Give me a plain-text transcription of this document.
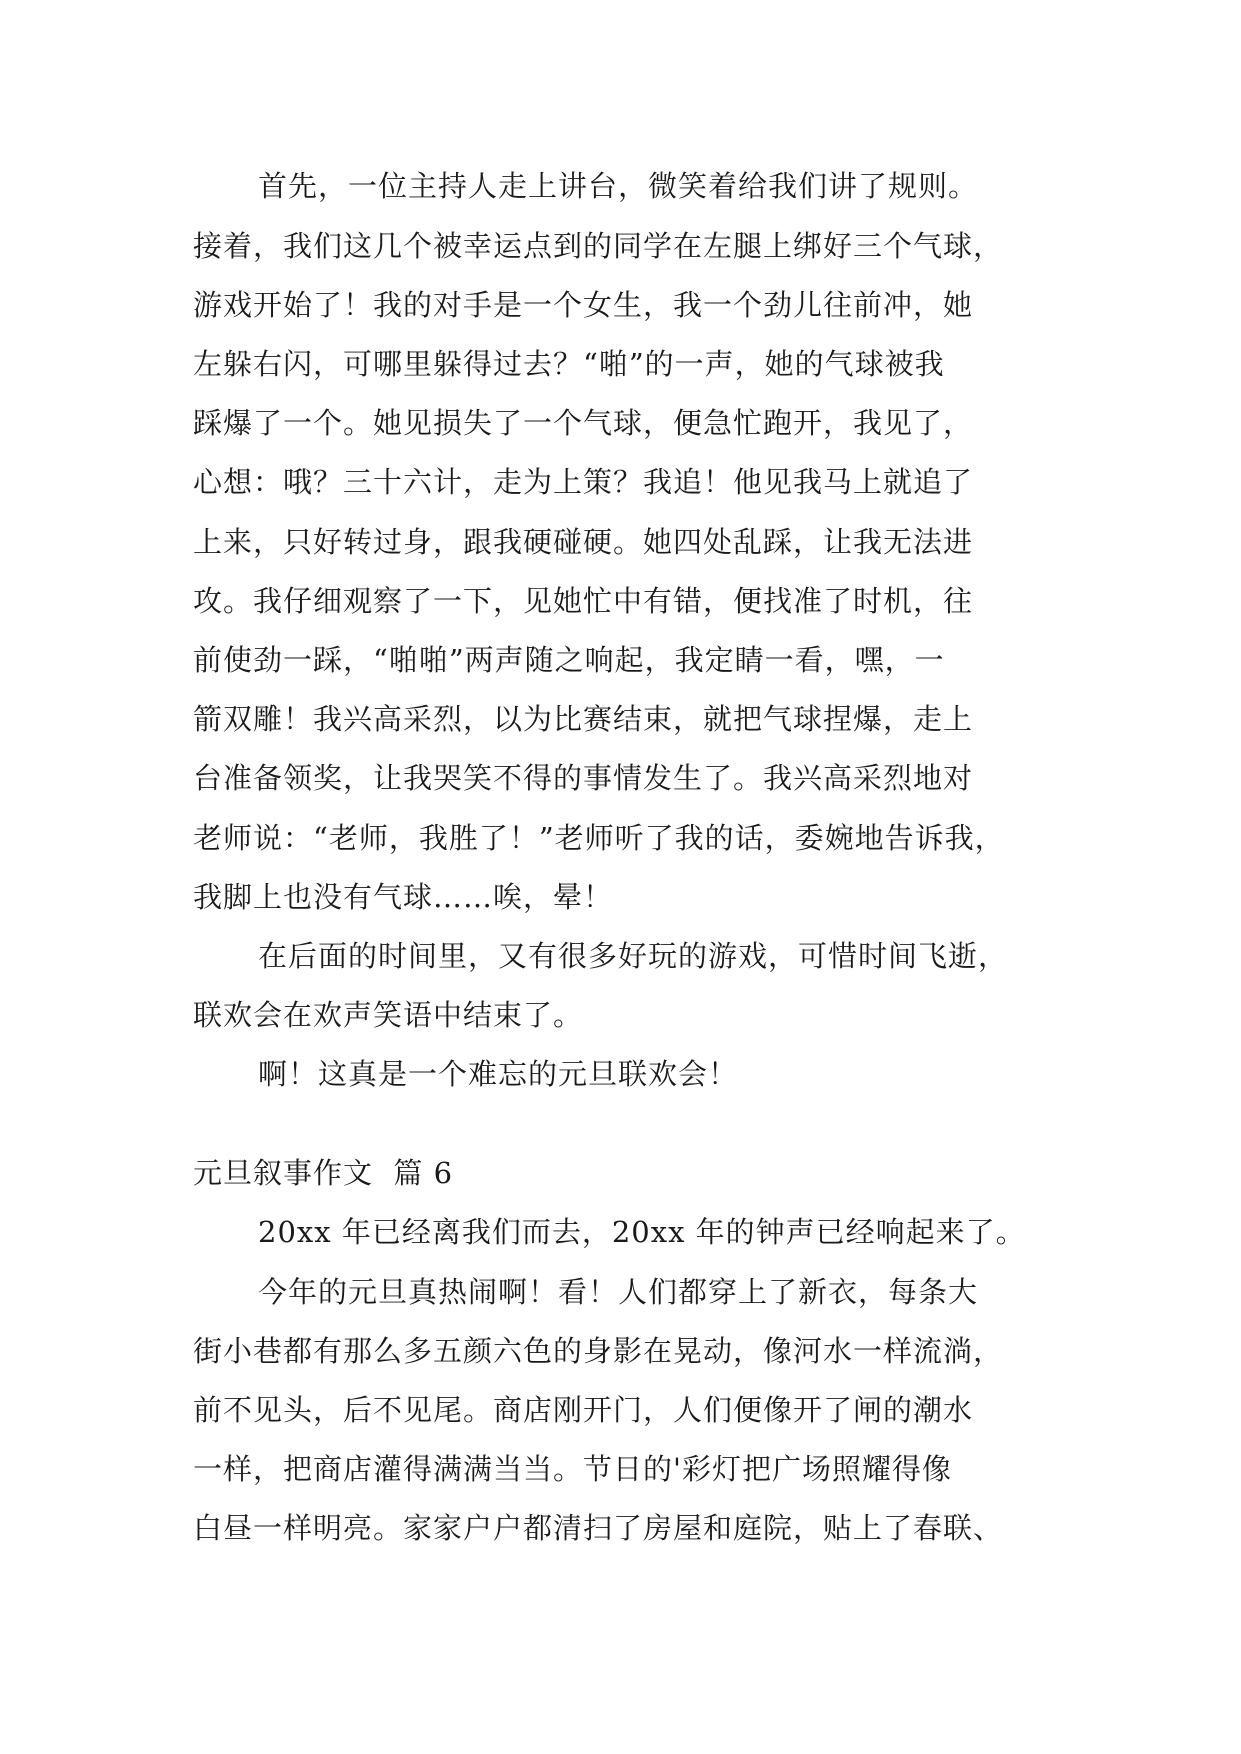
首先，一位主持人走上讲台，微笑着给我们讲了规则。
接着，我们这几个被幸运点到的同学在左腿上绑好三个气球，
游戏开始了！我的对手是一个女生，我一个劲儿往前冲，她
左躲右闪，可哪里躲得过去？“啪”的一声，她的气球被我
踩爆了一个。她见损失了一个气球，便急忙跑开，我见了，
心想：哦？三十六计，走为上策？我追！他见我马上就追了
上来，只好转过身，跟我硬碰硬。她四处乱踩，让我无法进
攻。我仔细观察了一下，见她忙中有错，便找准了时机，往
前使劲一踩，“啪啪”两声随之响起，我定睛一看，嘿，一
箭双雕！我兴高采烈，以为比赛结束，就把气球捏爆，走上
台准备领奖，让我哭笑不得的事情发生了。我兴高采烈地对
老师说：“老师，我胜了！”老师听了我的话，委婉地告诉我，
我脚上也没有气球……唉，晕！
在后面的时间里，又有很多好玩的游戏，可惜时间飞逝，
联欢会在欢声笑语中结束了。
啊！这真是一个难忘的元旦联欢会！
元旦叙事作文  篇 6
20xx 年已经离我们而去，20xx 年的钟声已经响起来了。
今年的元旦真热闹啊！看！人们都穿上了新衣，每条大
街小巷都有那么多五颜六色的身影在晃动，像河水一样流淌，
前不见头，后不见尾。商店刚开门，人们便像开了闸的潮水
一样，把商店灌得满满当当。节日的'彩灯把广场照耀得像
白昼一样明亮。家家户户都清扫了房屋和庭院，贴上了春联、
